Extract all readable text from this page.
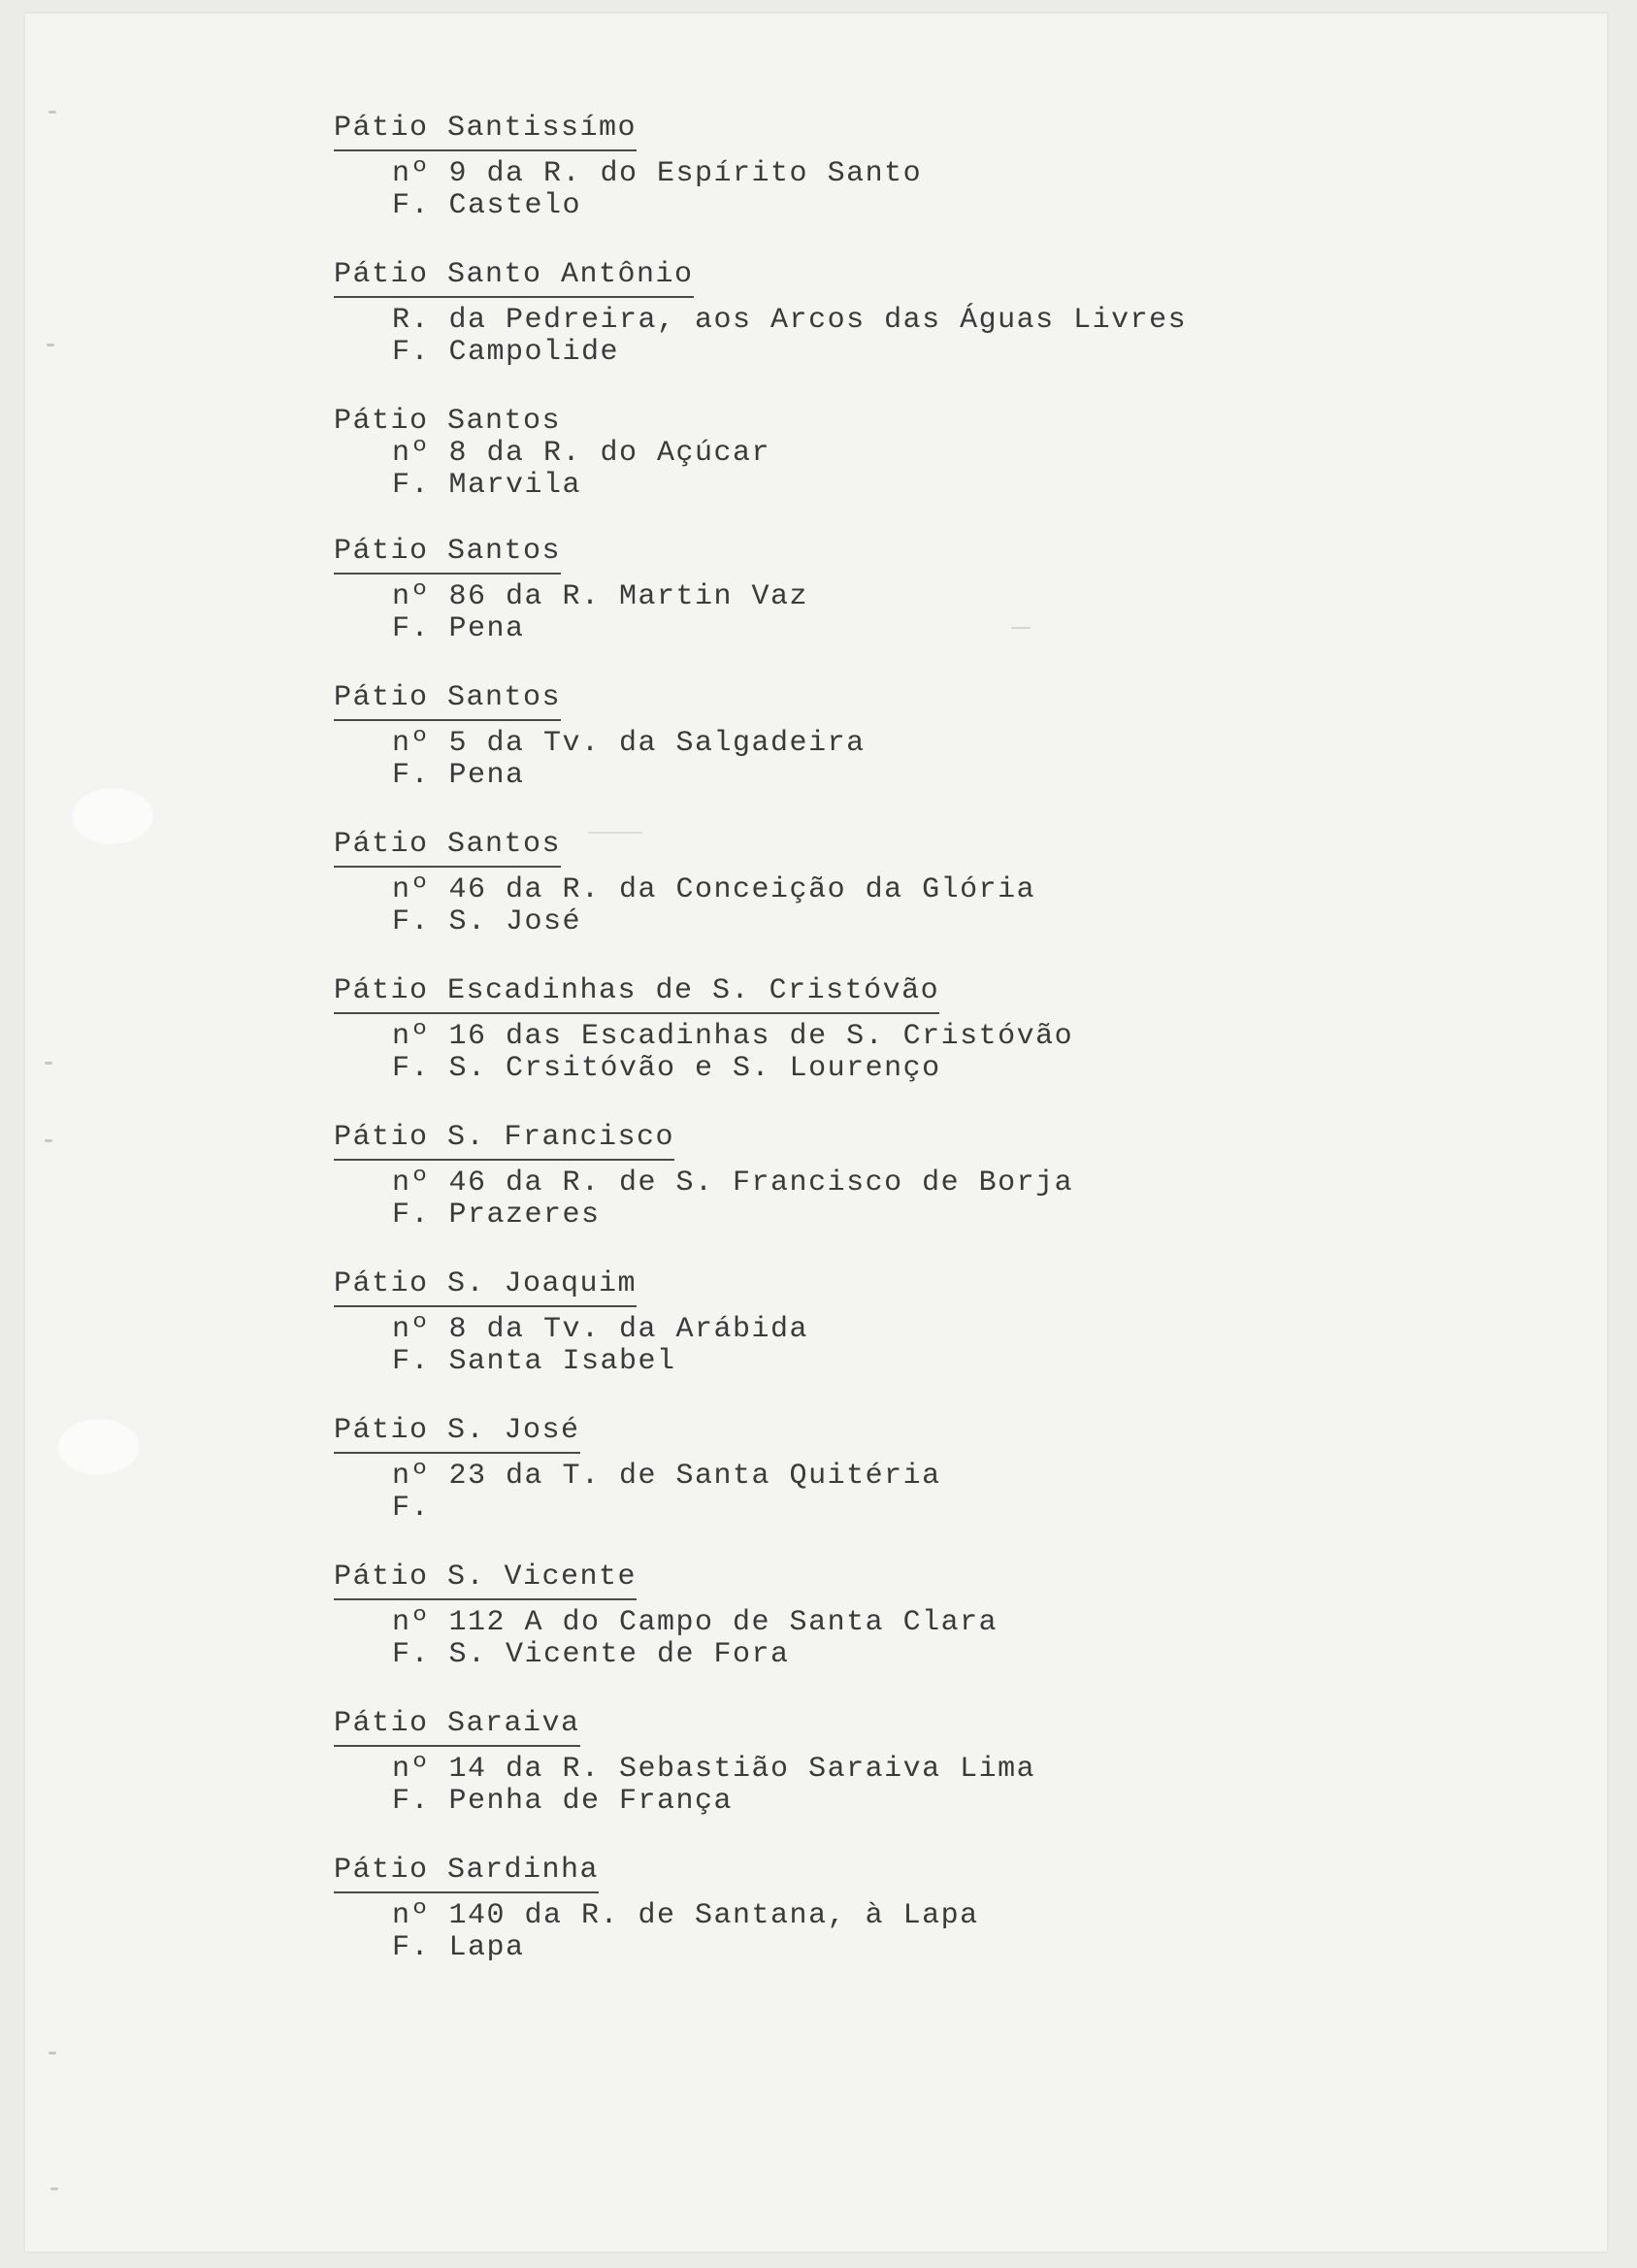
Pátio Santissímo
nº 9 da R. do Espírito Santo
F. Castelo
Pátio Santo Antônio
R. da Pedreira, aos Arcos das Águas Livres
F. Campolide
Pátio Santos
nº 8 da R. do Açúcar
F. Marvila
Pátio Santos
nº 86 da R. Martin Vaz
F. Pena
Pátio Santos
nº 5 da Tv. da Salgadeira
F. Pena
Pátio Santos
nº 46 da R. da Conceição da Glória
F. S. José
Pátio Escadinhas de S. Cristóvão
nº 16 das Escadinhas de S. Cristóvão
F. S. Crsitóvão e S. Lourenço
Pátio S. Francisco
nº 46 da R. de S. Francisco de Borja
F. Prazeres
Pátio S. Joaquim
nº 8 da Tv. da Arábida
F. Santa Isabel
Pátio S. José
nº 23 da T. de Santa Quitéria
F.
Pátio S. Vicente
nº 112 A do Campo de Santa Clara
F. S. Vicente de Fora
Pátio Saraiva
nº 14 da R. Sebastião Saraiva Lima
F. Penha de França
Pátio Sardinha
nº 140 da R. de Santana, à Lapa
F. Lapa
